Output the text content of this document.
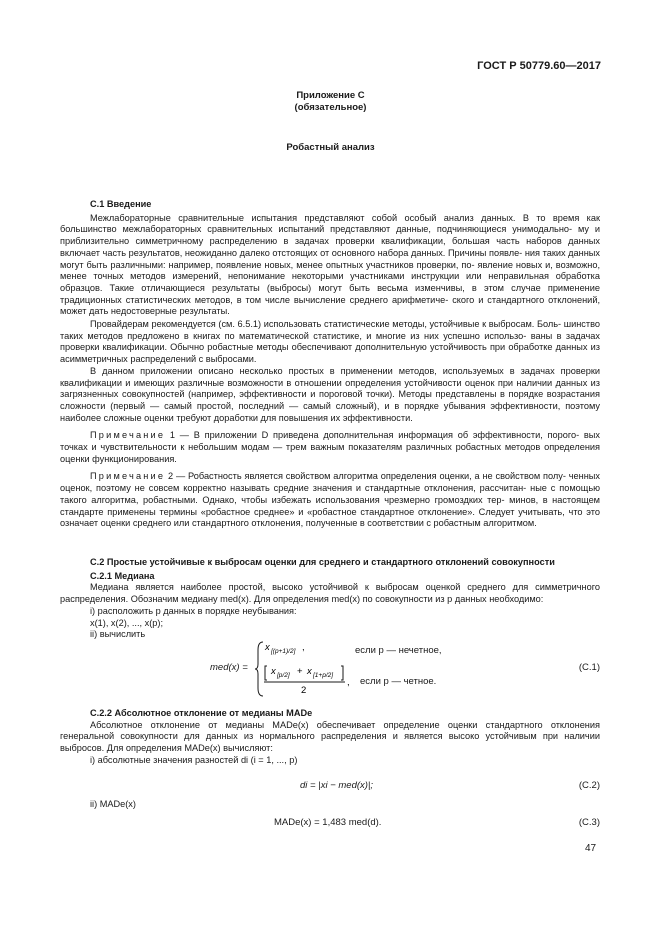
ГОСТ Р 50779.60—2017
Приложение С
(обязательное)
Робастный анализ

С.1 Введение

Межлабораторные сравнительные испытания представляют собой особый анализ данных. В то время как большинство межлабораторных сравнительных испытаний представляют данные, подчиняющиеся унимодально- му и приблизительно симметричному распределению в задачах проверки квалификации, большая часть наборов данных включает часть результатов, неожиданно далеко отстоящих от основного набора данных. Причины появле- ния таких данных могут быть различными: например, появление новых, менее опытных участников проверки, по- явление новых и, возможно, менее точных методов измерений, непонимание некоторыми участниками инструкции или неправильная обработка образцов. Такие отличающиеся результаты (выбросы) могут быть весьма изменчивы, в этом случае применение традиционных статистических методов, в том числе вычисление среднего арифметиче- ского и стандартного отклонений, может дать недостоверные результаты.

Провайдерам рекомендуется (см. 6.5.1) использовать статистические методы, устойчивые к выбросам. Боль- шинство таких методов предложено в книгах по математической статистике, и многие из них успешно использо- ваны в задачах проверки квалификации. Обычно робастные методы обеспечивают дополнительную устойчивость при обработке данных из асимметричных распределений с выбросами.

В данном приложении описано несколько простых в применении методов, используемых в задачах проверки квалификации и имеющих различные возможности в отношении определения устойчивости оценок при наличии данных из загрязненных совокупностей (например, эффективности и пороговой точки). Методы представлены в порядке возрастания сложности (первый — самый простой, последний — самый сложный), и в порядке убывания эффективности, поэтому наиболее сложные оценки требуют доработки для повышения их эффективности.

Примечание 1 — В приложении D приведена дополнительная информация об эффективности, порого- вых точках и чувствительности к небольшим модам — трем важным показателям различных робастных методов определения оценки функционирования.

Примечание 2 — Робастность является свойством алгоритма определения оценки, а не свойством полу- ченных оценок, поэтому не совсем корректно называть средние значения и стандартные отклонения, рассчитан- ные с помощью такого алгоритма, робастными. Однако, чтобы избежать использования чрезмерно громоздких тер- минов, в настоящем стандарте применены термины «робастное среднее» и «робастное стандартное отклонение». Следует учитывать, что это означает оценки среднего или стандартного отклонения, полученные в соответствии с робастным алгоритмом.

С.2 Простые устойчивые к выбросам оценки для среднего и стандартного отклонений совокупности

С.2.1 Медиана

Медиана является наиболее простой, высоко устойчивой к выбросам оценкой среднего для симметричного распределения. Обозначим медиану med(x). Для определения med(x) по совокупности из p данных необходимо:

i) расположить p данных в порядке неубывания:

x(1), x(2), ..., x(p);

ii) вычислить

med(x) =
x [(p+1)/2] ,
x [p/2] + x [1+p/2]
2
,
если p — нечетное,
если p — четное.
(C.1)

С.2.2 Абсолютное отклонение от медианы MADe

Абсолютное отклонение от медианы MADe(x) обеспечивает определение оценки стандартного отклонения генеральной совокупности для данных из нормального распределения и является высоко устойчивым при наличии выбросов. Для определения MADe(x) вычисляют:

i) абсолютные значения разностей di (i = 1, ..., p)

di = |xi − med(x)|;	(C.2)
ii) MADe(x)
MADe(x) = 1,483 med(d).	(C.3)
47
